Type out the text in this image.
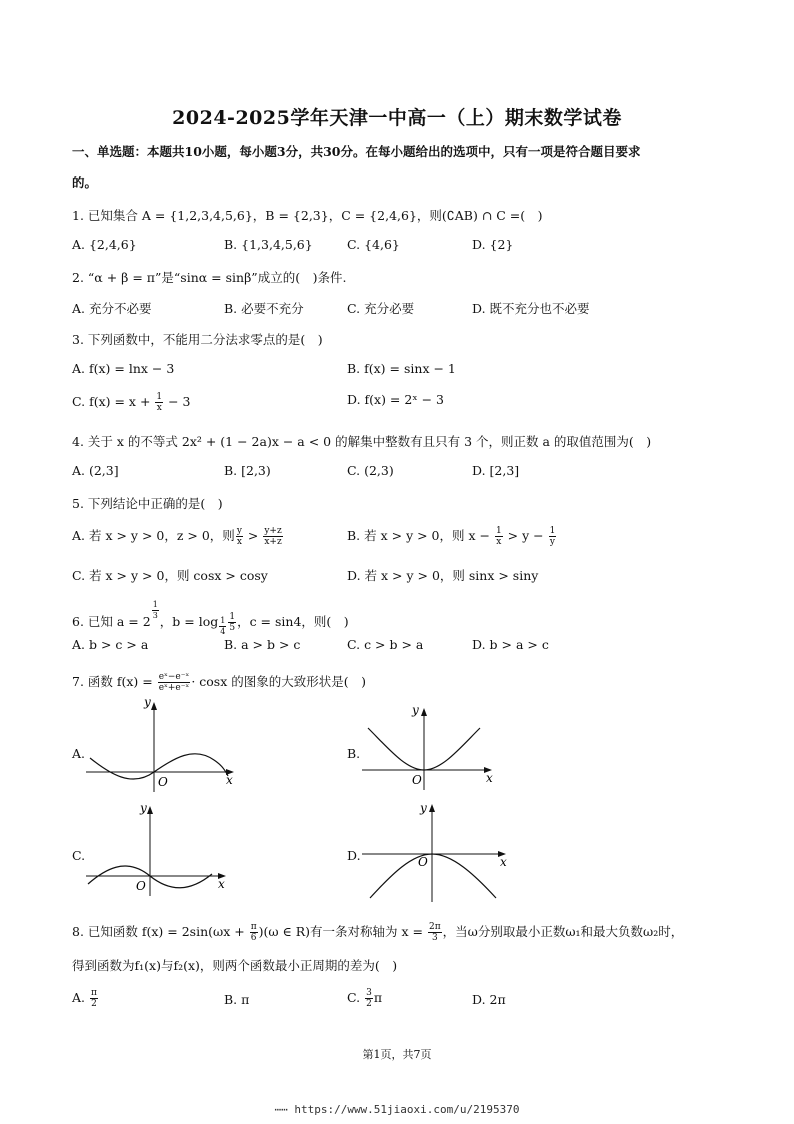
2024-2025学年天津一中高一（上）期末数学试卷
一、单选题：本题共10小题，每小题3分，共30分。在每小题给出的选项中，只有一项是符合题目要求
的。
1. 已知集合 A = {1,2,3,4,5,6}，B = {2,3}，C = {2,4,6}，则(∁AB) ∩ C =(　)
A. {2,4,6}	B. {1,3,4,5,6}	C. {4,6}	D. {2}
2. “α + β = π”是“sinα = sinβ”成立的(　)条件.
A. 充分不必要	B. 必要不充分	C. 充分必要	D. 既不充分也不必要
3. 下列函数中，不能用二分法求零点的是(　)
A. f(x) = lnx − 3	B. f(x) = sinx − 1
C. $f(x) = x + \frac{1}{x} - 3$	D. f(x) = 2ˣ − 3
4. 关于 x 的不等式 2x² + (1 − 2a)x − a < 0 的解集中整数有且只有 3 个，则正数 a 的取值范围为(　)
A. (2,3]	B. [2,3)	C. (2,3)	D. [2,3]
5. 下列结论中正确的是(　)
A. 若 x > y > 0，z > 0，则 $\frac{y}{x} > \frac{y+z}{x+z}$	B. 若 x > y > 0，则 $x - \frac{1}{x} > y - \frac{1}{y}$
C. 若 x > y > 0，则 cosx > cosy	D. 若 x > y > 0，则 sinx > siny
6. 已知 a = 2
$\frac{1}{3}$
，$b = \log \frac{1}{4} \frac{1}{5}$ ，c = sin4，则(　)
A. b > c > a	B. a > b > c	C. c > b > a	D. b > a > c
7. 函数 $f(x) = \frac{\text{eˣ−e⁻ˣ}}{\text{eˣ+e⁻ˣ}} \cdot \cos x$ 的图象的大致形状是(　)
A.	B.
C.	D.
y
x
O
y
x
O
y
x
O
y
x
O
8. 已知函数 $f(x) = 2\sin(\omega x + \frac{\pi}{6} )(\omega$ ∈ R)有一条对称轴为 $x = \frac{2\pi}{3}$ ，当ω分别取最小正数ω₁和最大负数ω₂时，
得到函数为f₁(x)与f₂(x)，则两个函数最小正周期的差为(　)
A. $\frac{\pi}{2}$	B. π	C. $\frac{3}{2}$ π	D. 2π
第1页，共7页
⋯⋯ https://www.51jiaoxi.com/u/2195370
